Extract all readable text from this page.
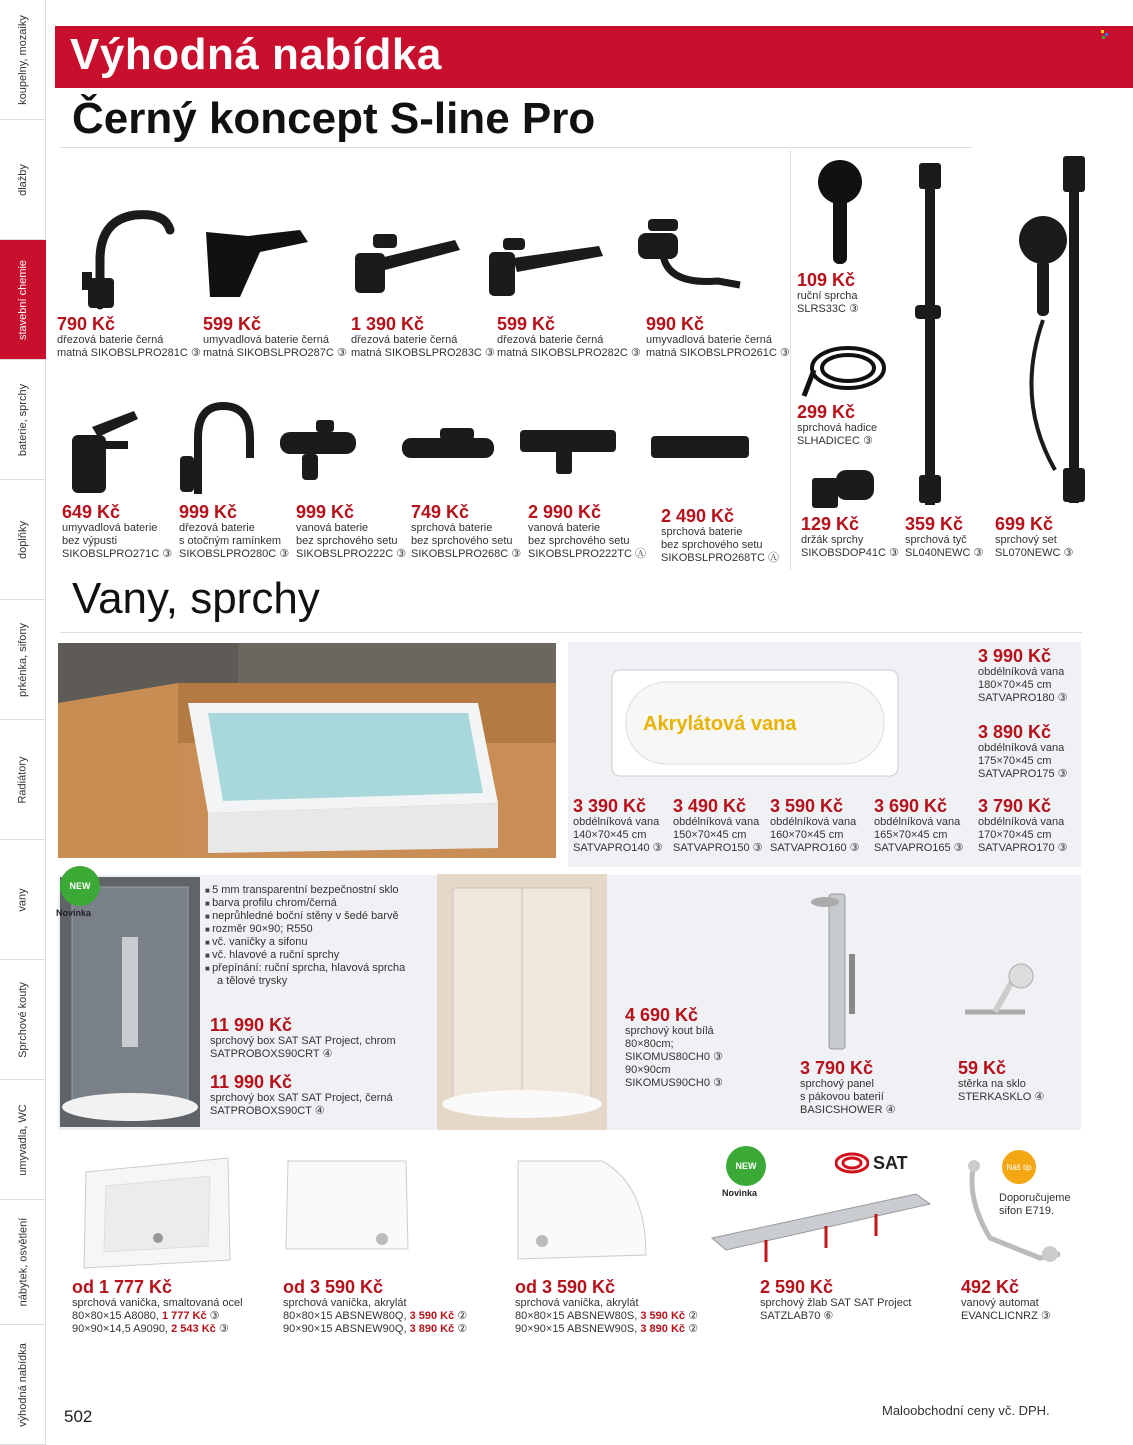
koupelny, mozaiky
dlažby
stavební chemie
baterie, sprchy
doplňky
prkénka, sifony
Radiátory
vany
Sprchové kouty
umyvadla, WC
nábytek, osvětlení
výhodná nabídka
Výhodná nabídka
Černý koncept S-line Pro
790 Kč
dřezová baterie černá
matná SIKOBSLPRO281C ③
599 Kč
umyvadlová baterie černá
matná SIKOBSLPRO287C ③
1 390 Kč
dřezová baterie černá
matná SIKOBSLPRO283C ③
599 Kč
dřezová baterie černá
matná SIKOBSLPRO282C ③
990 Kč
umyvadlová baterie černá
matná SIKOBSLPRO261C ③
649 Kč
umyvadlová baterie
bez výpusti
SIKOBSLPRO271C ③
999 Kč
dřezová baterie
s otočným ramínkem
SIKOBSLPRO280C ③
999 Kč
vanová baterie
bez sprchového setu
SIKOBSLPRO222C ③
749 Kč
sprchová baterie
bez sprchového setu
SIKOBSLPRO268C ③
2 990 Kč
vanová baterie
bez sprchového setu
SIKOBSLPRO222TC Ⓐ
2 490 Kč
sprchová baterie
bez sprchového setu
SIKOBSLPRO268TC Ⓐ
109 Kč
ruční sprcha
SLRS33C ③
299 Kč
sprchová hadice
SLHADICEC ③
129 Kč
držák sprchy
SIKOBSDOP41C ③
359 Kč
sprchová tyč
SL040NEWC ③
699 Kč
sprchový set
SL070NEWC ③
Vany, sprchy
Akrylátová vana
3 990 Kč
obdélníková vana
180×70×45 cm
SATVAPRO180 ③
3 890 Kč
obdélníková vana
175×70×45 cm
SATVAPRO175 ③
3 390 Kč
obdélníková vana
140×70×45 cm
SATVAPRO140 ③
3 490 Kč
obdélníková vana
150×70×45 cm
SATVAPRO150 ③
3 590 Kč
obdélníková vana
160×70×45 cm
SATVAPRO160 ③
3 690 Kč
obdélníková vana
165×70×45 cm
SATVAPRO165 ③
3 790 Kč
obdélníková vana
170×70×45 cm
SATVAPRO170 ③
NEW
Novinka
■ 5 mm transparentní bezpečnostní sklo
■ barva profilu chrom/černá
■ neprůhledné boční stěny v šedé barvě
■ rozměr 90×90; R550
■ vč. vaničky a sifonu
■ vč. hlavové a ruční sprchy
■ přepínání: ruční sprcha, hlavová sprcha
a tělové trysky
11 990 Kč
sprchový box SAT SAT Project, chrom
SATPROBOXS90CRT ④
11 990 Kč
sprchový box SAT SAT Project, černá
SATPROBOXS90CT ④
4 690 Kč
sprchový kout bílá
80×80cm;
SIKOMUS80CH0 ③
90×90cm
SIKOMUS90CH0 ③
3 790 Kč
sprchový panel
s pákovou baterií
BASICSHOWER ④
59 Kč
stěrka na sklo
STERKASKLO ④
od 1 777 Kč
sprchová vanička, smaltovaná ocel
80×80×15 A8080, 1 777 Kč ③
90×90×14,5 A9090, 2 543 Kč ③
od 3 590 Kč
sprchová vanička, akrylát
80×80×15 ABSNEW80Q, 3 590 Kč ②
90×90×15 ABSNEW90Q, 3 890 Kč ②
od 3 590 Kč
sprchová vanička, akrylát
80×80×15 ABSNEW80S, 3 590 Kč ②
90×90×15 ABSNEW90S, 3 890 Kč ②
NEW
Novinka
SAT
2 590 Kč
sprchový žlab SAT SAT Project
SATZLAB70 ⑥
Náš tip
Doporučujeme
sifon E719.
492 Kč
vanový automat
EVANCLICNRZ ③
502	Maloobchodní ceny vč. DPH.
